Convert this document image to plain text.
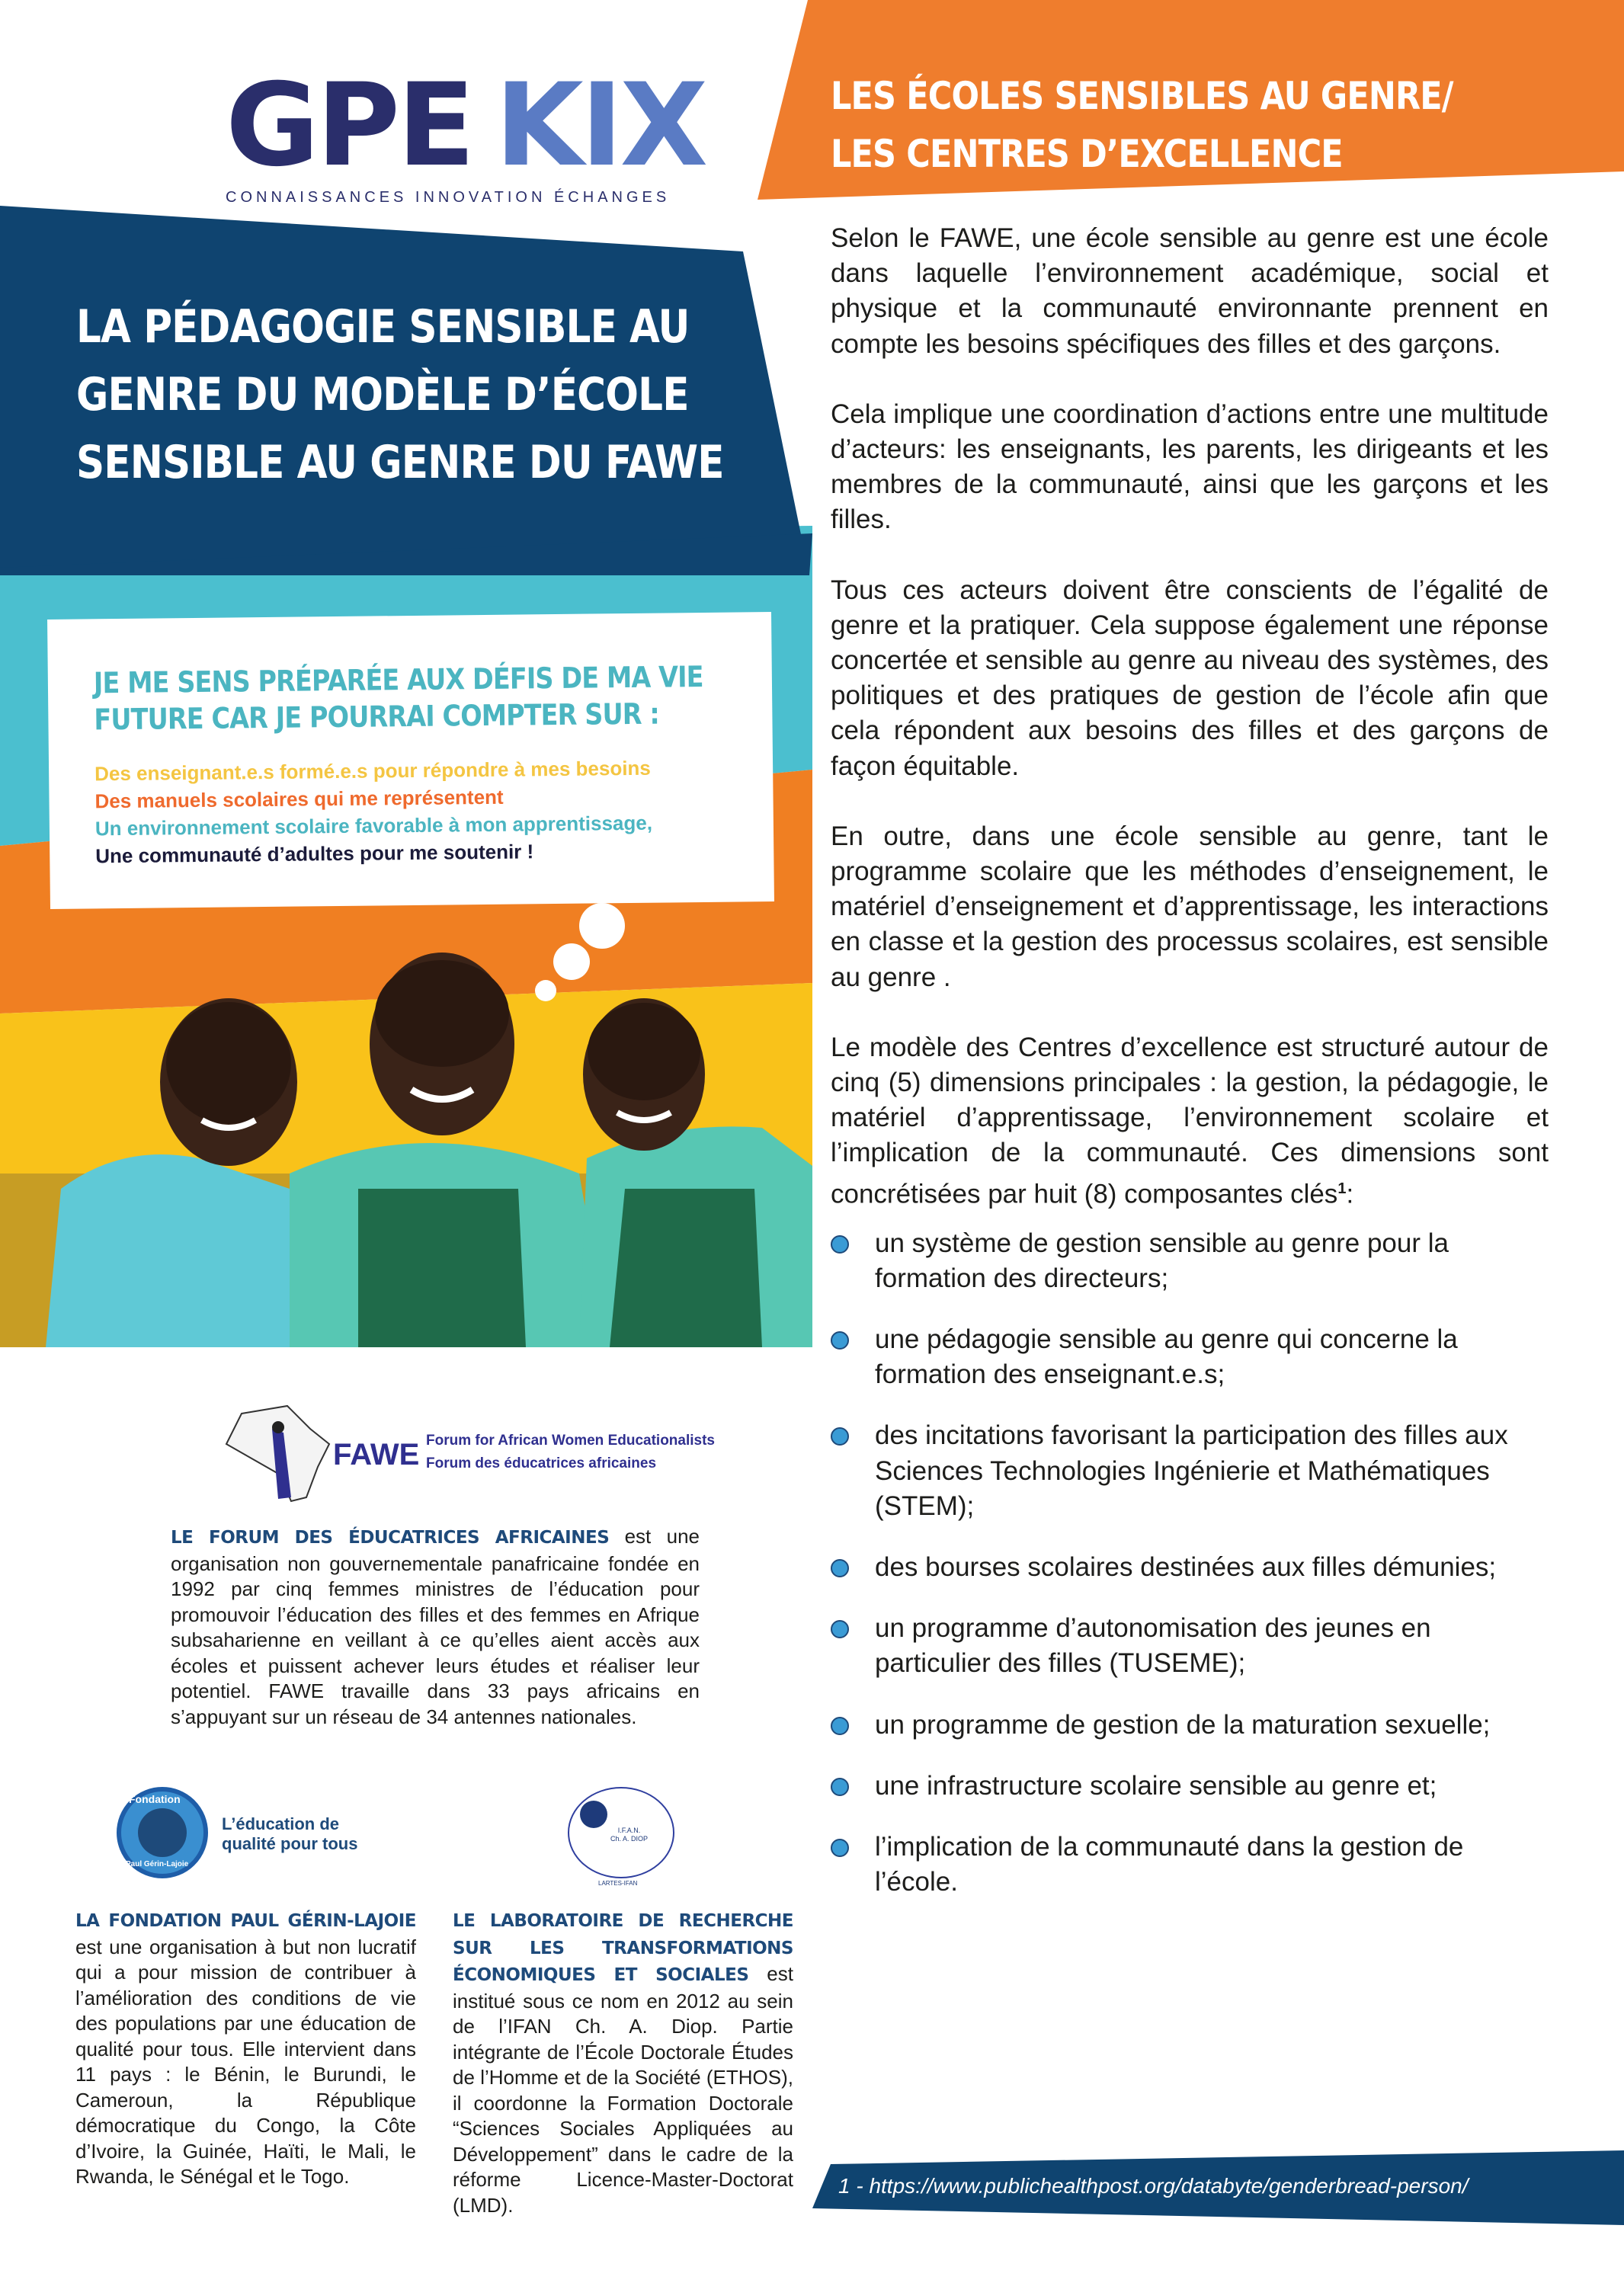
GPE KIX
CONNAISSANCES INNOVATION ÉCHANGES
LES ÉCOLES SENSIBLES AU GENRE/
LES CENTRES D’EXCELLENCE
LA PÉDAGOGIE SENSIBLE AU
GENRE DU MODÈLE D’ÉCOLE
SENSIBLE AU GENRE DU FAWE
JE ME SENS PRÉPARÉE AUX DÉFIS DE MA VIE
FUTURE CAR JE POURRAI COMPTER SUR :
Des enseignant.e.s formé.e.s pour répondre à mes besoins
Des manuels scolaires qui me représentent
Un environnement scolaire favorable à mon apprentissage,
Une communauté d’adultes pour me soutenir !
FAWE Forum for African Women Educationalists
Forum des éducatrices africaines
LE FORUM DES ÉDUCATRICES AFRICAINES est une organisation non gouvernementale panafricaine fondée en 1992 par cinq femmes ministres de l’éducation pour promouvoir l’éducation des filles et des femmes en Afrique subsaharienne en veillant à ce qu’elles aient accès aux écoles et puissent achever leurs études et réaliser leur potentiel. FAWE travaille dans 33 pays africains en s’appuyant sur un réseau de 34 antennes nationales.
Fondation
Paul Gérin-Lajoie
L’éducation de
qualité pour tous
I.F.A.N.
Ch. A. DIOP
LARTES-IFAN
LA FONDATION PAUL GÉRIN-LAJOIE est une organisation à but non lucratif qui a pour mission de contribuer à l’amélioration des conditions de vie des populations par une éducation de qualité pour tous. Elle intervient dans 11 pays : le Bénin, le Burundi, le Cameroun, la République démocratique du Congo, la Côte d’Ivoire, la Guinée, Haïti, le Mali, le Rwanda, le Sénégal et le Togo.
LE LABORATOIRE DE RECHERCHE SUR LES TRANSFORMATIONS ÉCONOMIQUES ET SOCIALES est institué sous ce nom en 2012 au sein de l’IFAN Ch. A. Diop. Partie intégrante de l’École Doctorale Études de l’Homme et de la Société (ETHOS), il coordonne la Formation Doctorale “Sciences Sociales Appliquées au Développement” dans le cadre de la réforme Licence-Master-Doctorat (LMD).

Selon le FAWE, une école sensible au genre est une école dans laquelle l’environnement académique, social et physique et la communauté environnante prennent en compte les besoins spécifiques des filles et des garçons.

Cela implique une coordination d’actions entre une multitude d’acteurs: les enseignants, les parents, les dirigeants et les membres de la communauté, ainsi que les garçons et les filles.

Tous ces acteurs doivent être conscients de l’égalité de genre et la pratiquer. Cela suppose également une réponse concertée et sensible au genre au niveau des systèmes, des politiques et des pratiques de gestion de l’école afin que cela répondent aux besoins des filles et des garçons de façon équitable.

En outre, dans une école sensible au genre, tant le programme scolaire que les méthodes d’enseignement, le matériel d’enseignement et d’apprentissage, les interactions en classe et la gestion des processus scolaires, est sensible au genre .

Le modèle des Centres d’excellence est structuré autour de cinq (5) dimensions principales : la gestion, la pédagogie, le matériel d’apprentissage, l’environnement scolaire et l’implication de la communauté. Ces dimensions sont concrétisées par huit (8) composantes clés$^1$:

un système de gestion sensible au genre pour la formation des directeurs;
une pédagogie sensible au genre qui concerne la formation des enseignant.e.s;
des incitations favorisant la participation des filles aux Sciences Technologies Ingénierie et Mathématiques (STEM);
des bourses scolaires destinées aux filles démunies;
un programme d’autonomisation des jeunes en particulier des filles (TUSEME);
un programme de gestion de la maturation sexuelle;
une infrastructure scolaire sensible au genre et;
l’implication de la communauté dans la gestion de l’école.
1 - https://www.publichealthpost.org/databyte/genderbread-person/
